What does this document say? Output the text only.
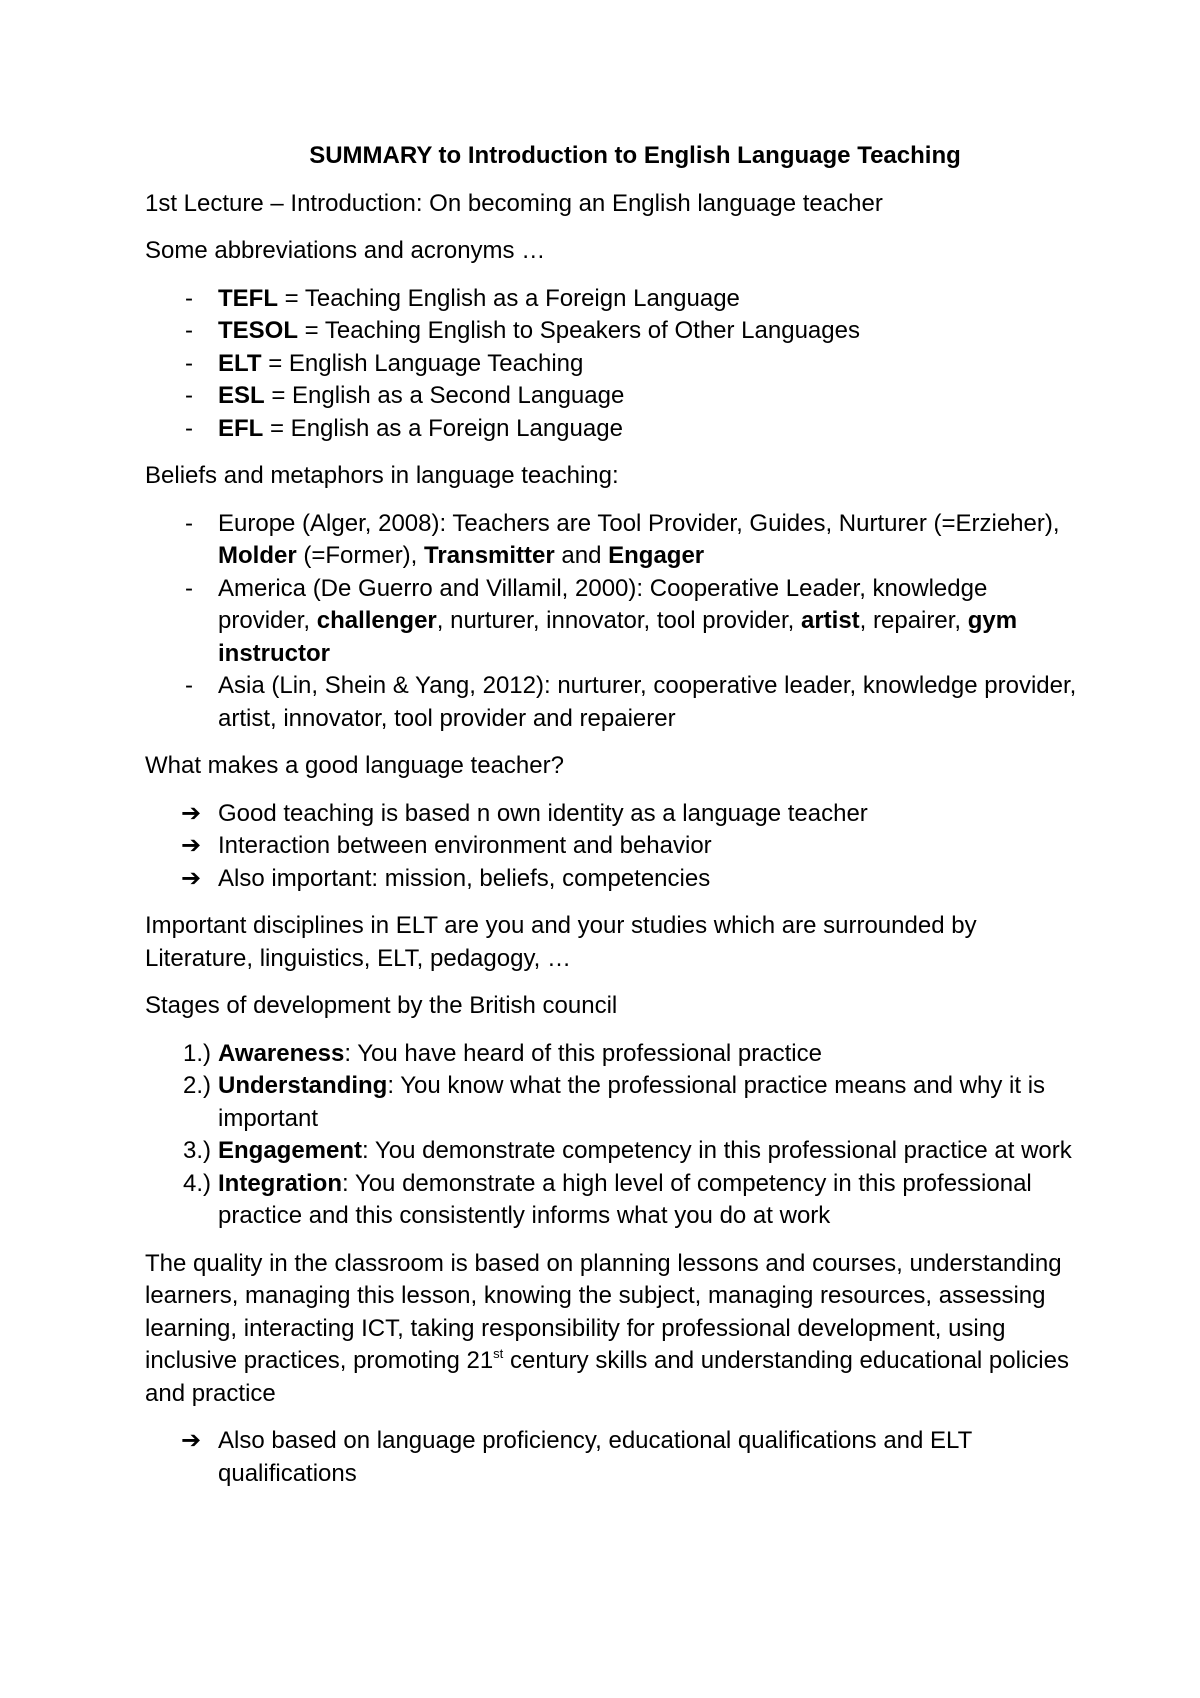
SUMMARY to Introduction to English Language Teaching

1st Lecture – Introduction: On becoming an English language teacher

Some abbreviations and acronyms …

- TEFL = Teaching English as a Foreign Language
- TESOL = Teaching English to Speakers of Other Languages
- ELT = English Language Teaching
- ESL = English as a Second Language
- EFL = English as a Foreign Language

Beliefs and metaphors in language teaching:

- Europe (Alger, 2008): Teachers are Tool Provider, Guides, Nurturer (=Erzieher), Molder (=Former), Transmitter and Engager
- America (De Guerro and Villamil, 2000): Cooperative Leader, knowledge provider, challenger, nurturer, innovator, tool provider, artist, repairer, gym instructor
- Asia (Lin, Shein & Yang, 2012): nurturer, cooperative leader, knowledge provider, artist, innovator, tool provider and repaierer

What makes a good language teacher?

➔ Good teaching is based n own identity as a language teacher
➔ Interaction between environment and behavior
➔ Also important: mission, beliefs, competencies

Important disciplines in ELT are you and your studies which are surrounded by Literature, linguistics, ELT, pedagogy, …

Stages of development by the British council

1.) Awareness: You have heard of this professional practice
2.) Understanding: You know what the professional practice means and why it is important
3.) Engagement: You demonstrate competency in this professional practice at work
4.) Integration: You demonstrate a high level of competency in this professional practice and this consistently informs what you do at work

The quality in the classroom is based on planning lessons and courses, understanding learners, managing this lesson, knowing the subject, managing resources, assessing learning, interacting ICT, taking responsibility for professional development, using inclusive practices, promoting 21st century skills and understanding educational policies and practice

➔ Also based on language proficiency, educational qualifications and ELT qualifications
